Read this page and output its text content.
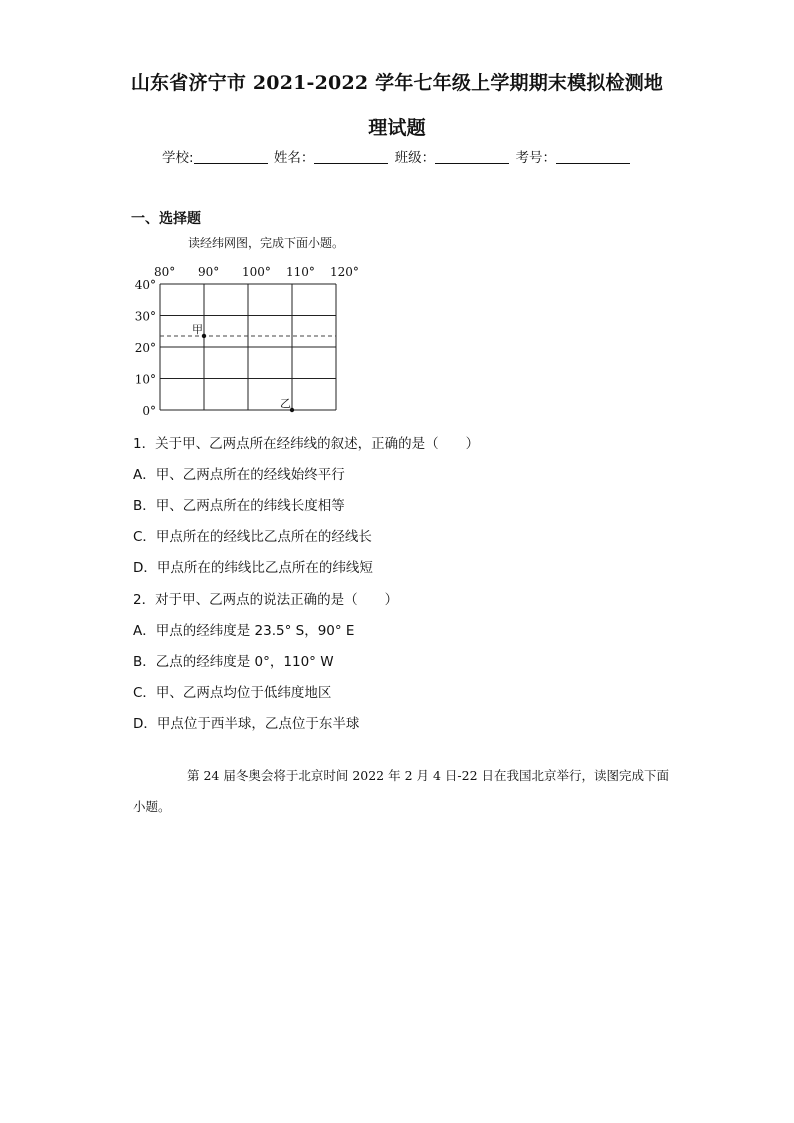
山东省济宁市 2021-2022 学年七年级上学期期末模拟检测地
理试题
学校:	姓名：	班级：	考号：
一、选择题
读经纬网图，完成下面小题。
80° 90° 100° 110° 120°
40°
30°
20°
10°
0°
甲
乙
1．关于甲、乙两点所在经纬线的叙述，正确的是（　　）
A．甲、乙两点所在的经线始终平行
B．甲、乙两点所在的纬线长度相等
C．甲点所在的经线比乙点所在的经线长
D．甲点所在的纬线比乙点所在的纬线短
2．对于甲、乙两点的说法正确的是（　　）
A．甲点的经纬度是 23.5° S，90° E
B．乙点的经纬度是 0°，110° W
C．甲、乙两点均位于低纬度地区
D．甲点位于西半球，乙点位于东半球
第 24 届冬奥会将于北京时间 2022 年 2 月 4 日-22 日在我国北京举行，读图完成下面小题。
